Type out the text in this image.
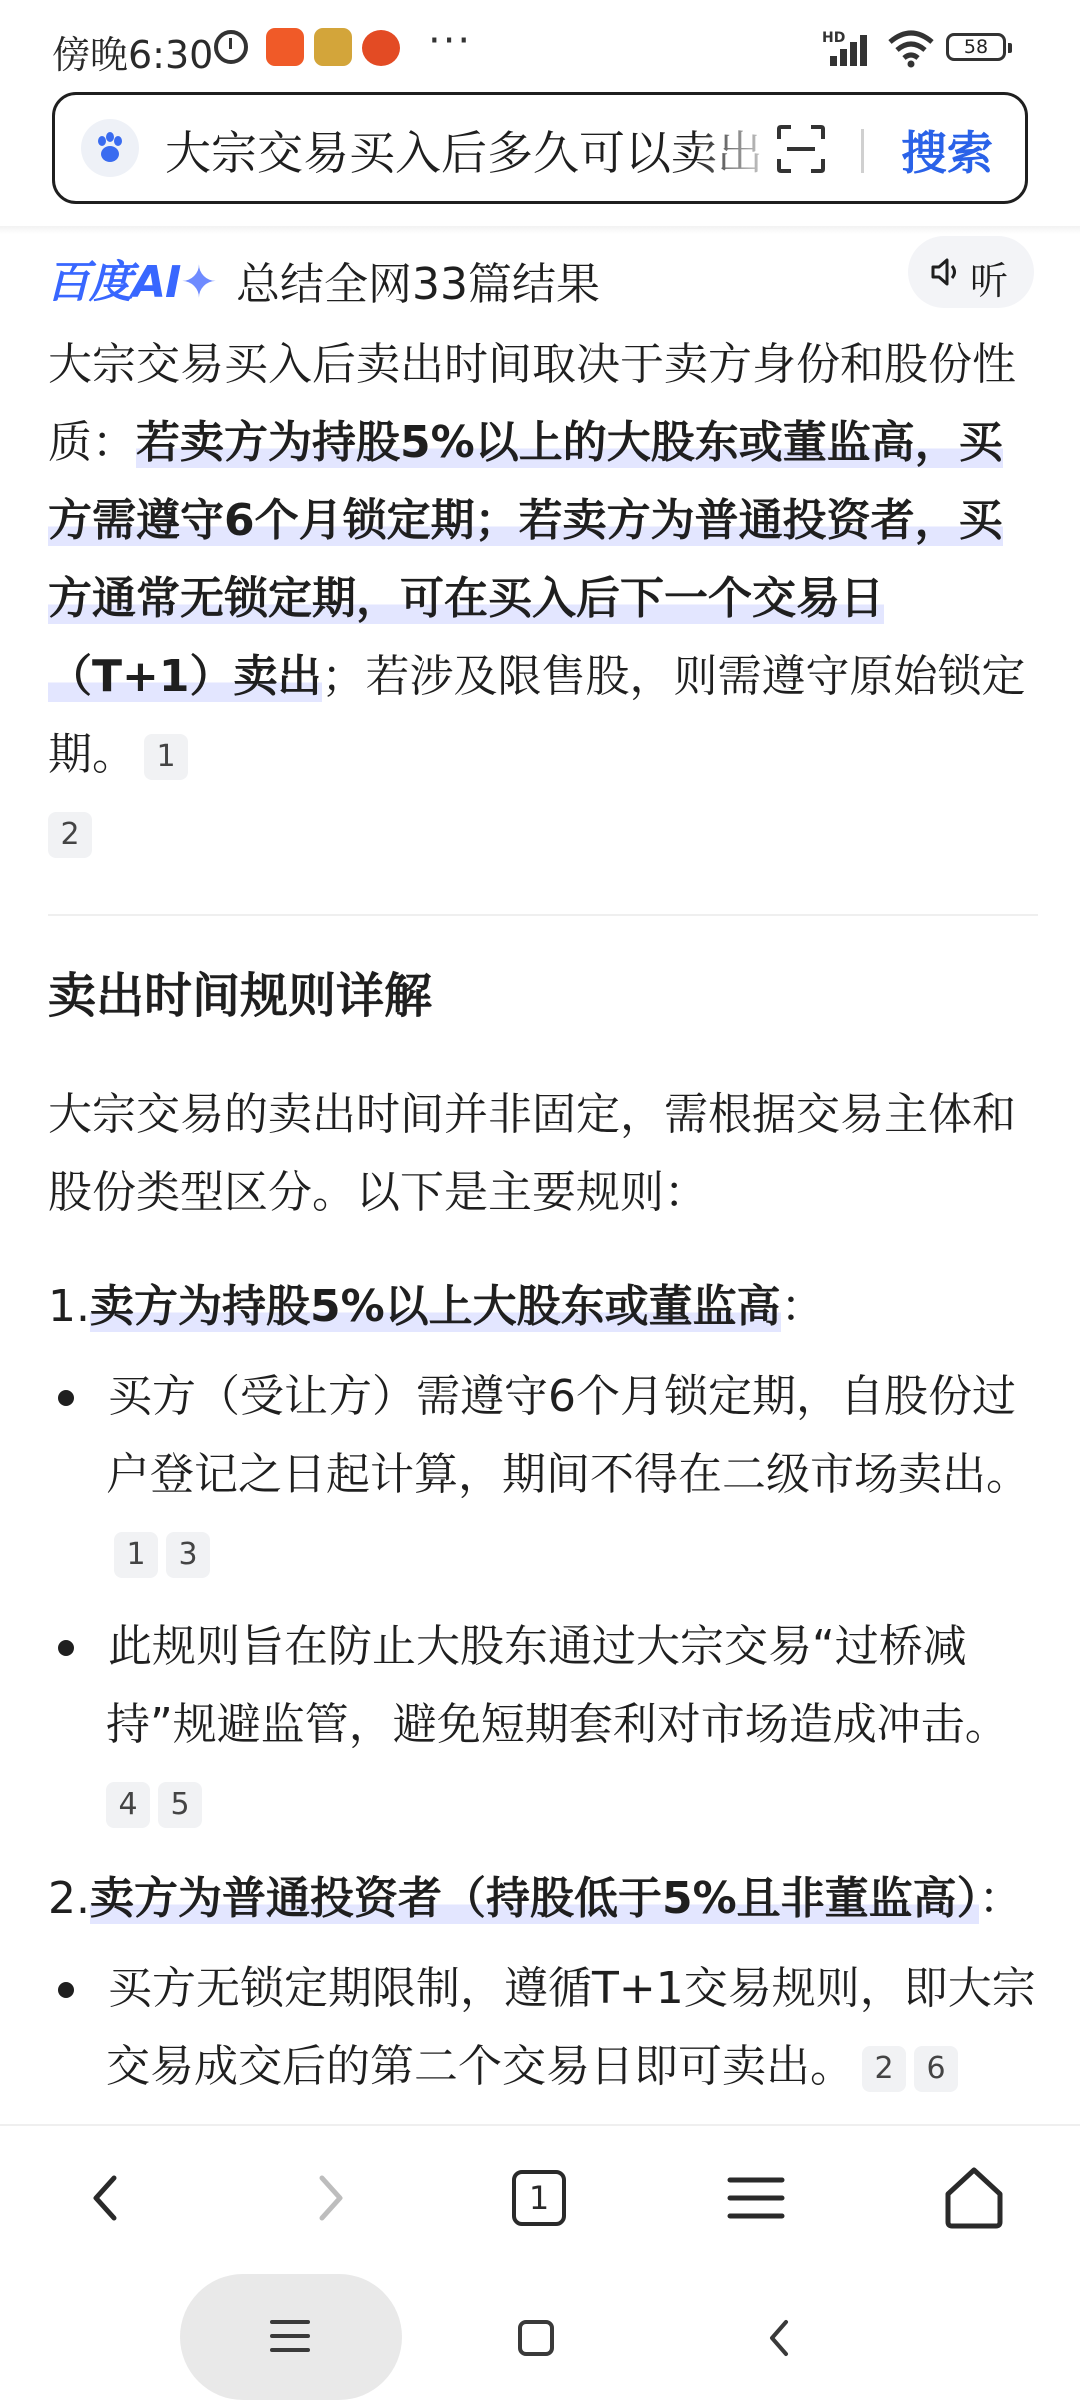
傍晚6:30	···	HD	58
大宗交易买入后多久可以卖出
搜索
百度AI✦ 总结全网33篇结果	听

大宗交易买入后卖出时间取决于卖方身份和股份性质：若卖方为持股5%以上的大股东或董监高，买方需遵守6个月锁定期；若卖方为普通投资者，买方通常无锁定期，可在买入后下一个交易日（T+1）卖出；若涉及限售股，则需遵守原始锁定期。 1
2

卖出时间规则详解

大宗交易的卖出时间并非固定，需根据交易主体和股份类型区分。以下是主要规则：

1.卖方为持股5%以上大股东或董监高：

买方（受让方）需遵守6个月锁定期，自股份过户登记之日起计算，期间不得在二级市场卖出。1 3
此规则旨在防止大股东通过大宗交易“过桥减持”规避监管，避免短期套利对市场造成冲击。
4 5

2.卖方为普通投资者（持股低于5%且非董监高）：

买方无锁定期限制，遵循T+1交易规则，即大宗交易成交后的第二个交易日即可卖出。 2 6
1
